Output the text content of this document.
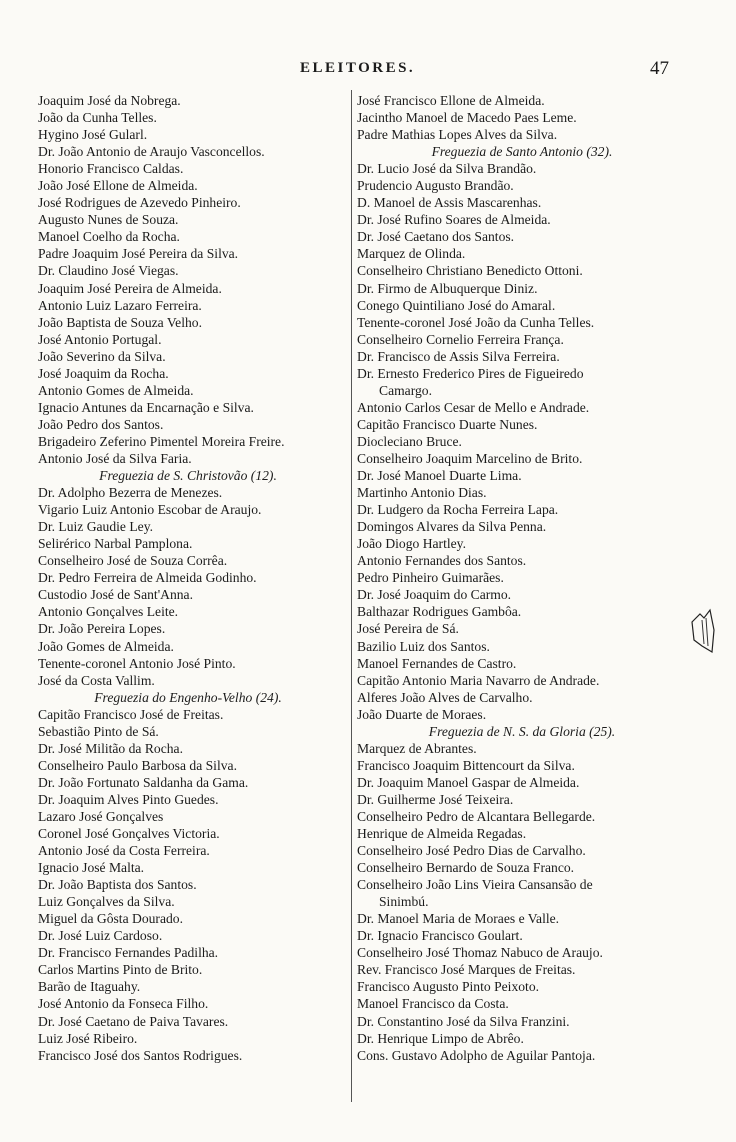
ELEITORES.	47
Joaquim José da Nobrega.
João da Cunha Telles.
Hygino José Gularl.
Dr. João Antonio de Araujo Vasconcellos.
Honorio Francisco Caldas.
João José Ellone de Almeida.
José Rodrigues de Azevedo Pinheiro.
Augusto Nunes de Souza.
Manoel Coelho da Rocha.
Padre Joaquim José Pereira da Silva.
Dr. Claudino José Viegas.
Joaquim José Pereira de Almeida.
Antonio Luiz Lazaro Ferreira.
João Baptista de Souza Velho.
José Antonio Portugal.
João Severino da Silva.
José Joaquim da Rocha.
Antonio Gomes de Almeida.
Ignacio Antunes da Encarnação e Silva.
João Pedro dos Santos.
Brigadeiro Zeferino Pimentel Moreira Freire.
Antonio José da Silva Faria.
Freguezia de S. Christovão (12).
Dr. Adolpho Bezerra de Menezes.
Vigario Luiz Antonio Escobar de Araujo.
Dr. Luiz Gaudie Ley.
Selirérico Narbal Pamplona.
Conselheiro José de Souza Corrêa.
Dr. Pedro Ferreira de Almeida Godinho.
Custodio José de Sant'Anna.
Antonio Gonçalves Leite.
Dr. João Pereira Lopes.
João Gomes de Almeida.
Tenente-coronel Antonio José Pinto.
José da Costa Vallim.
Freguezia do Engenho-Velho (24).
Capitão Francisco José de Freitas.
Sebastião Pinto de Sá.
Dr. José Militão da Rocha.
Conselheiro Paulo Barbosa da Silva.
Dr. João Fortunato Saldanha da Gama.
Dr. Joaquim Alves Pinto Guedes.
Lazaro José Gonçalves
Coronel José Gonçalves Victoria.
Antonio José da Costa Ferreira.
Ignacio José Malta.
Dr. João Baptista dos Santos.
Luiz Gonçalves da Silva.
Miguel da Gôsta Dourado.
Dr. José Luiz Cardoso.
Dr. Francisco Fernandes Padilha.
Carlos Martins Pinto de Brito.
Barão de Itaguahy.
José Antonio da Fonseca Filho.
Dr. José Caetano de Paiva Tavares.
Luiz José Ribeiro.
Francisco José dos Santos Rodrigues.
José Francisco Ellone de Almeida.
Jacintho Manoel de Macedo Paes Leme.
Padre Mathias Lopes Alves da Silva.
Freguezia de Santo Antonio (32).
Dr. Lucio José da Silva Brandão.
Prudencio Augusto Brandão.
D. Manoel de Assis Mascarenhas.
Dr. José Rufino Soares de Almeida.
Dr. José Caetano dos Santos.
Marquez de Olinda.
Conselheiro Christiano Benedicto Ottoni.
Dr. Firmo de Albuquerque Diniz.
Conego Quintiliano José do Amaral.
Tenente-coronel José João da Cunha Telles.
Conselheiro Cornelio Ferreira França.
Dr. Francisco de Assis Silva Ferreira.
Dr. Ernesto Frederico Pires de Figueiredo
Camargo.
Antonio Carlos Cesar de Mello e Andrade.
Capitão Francisco Duarte Nunes.
Diocleciano Bruce.
Conselheiro Joaquim Marcelino de Brito.
Dr. José Manoel Duarte Lima.
Martinho Antonio Dias.
Dr. Ludgero da Rocha Ferreira Lapa.
Domingos Alvares da Silva Penna.
João Diogo Hartley.
Antonio Fernandes dos Santos.
Pedro Pinheiro Guimarães.
Dr. José Joaquim do Carmo.
Balthazar Rodrigues Gambôa.
José Pereira de Sá.
Bazilio Luiz dos Santos.
Manoel Fernandes de Castro.
Capitão Antonio Maria Navarro de Andrade.
Alferes João Alves de Carvalho.
João Duarte de Moraes.
Freguezia de N. S. da Gloria (25).
Marquez de Abrantes.
Francisco Joaquim Bittencourt da Silva.
Dr. Joaquim Manoel Gaspar de Almeida.
Dr. Guilherme José Teixeira.
Conselheiro Pedro de Alcantara Bellegarde.
Henrique de Almeida Regadas.
Conselheiro José Pedro Dias de Carvalho.
Conselheiro Bernardo de Souza Franco.
Conselheiro João Lins Vieira Cansansão de
Sinimbú.
Dr. Manoel Maria de Moraes e Valle.
Dr. Ignacio Francisco Goulart.
Conselheiro José Thomaz Nabuco de Araujo.
Rev. Francisco José Marques de Freitas.
Francisco Augusto Pinto Peixoto.
Manoel Francisco da Costa.
Dr. Constantino José da Silva Franzini.
Dr. Henrique Limpo de Abrêo.
Cons. Gustavo Adolpho de Aguilar Pantoja.
